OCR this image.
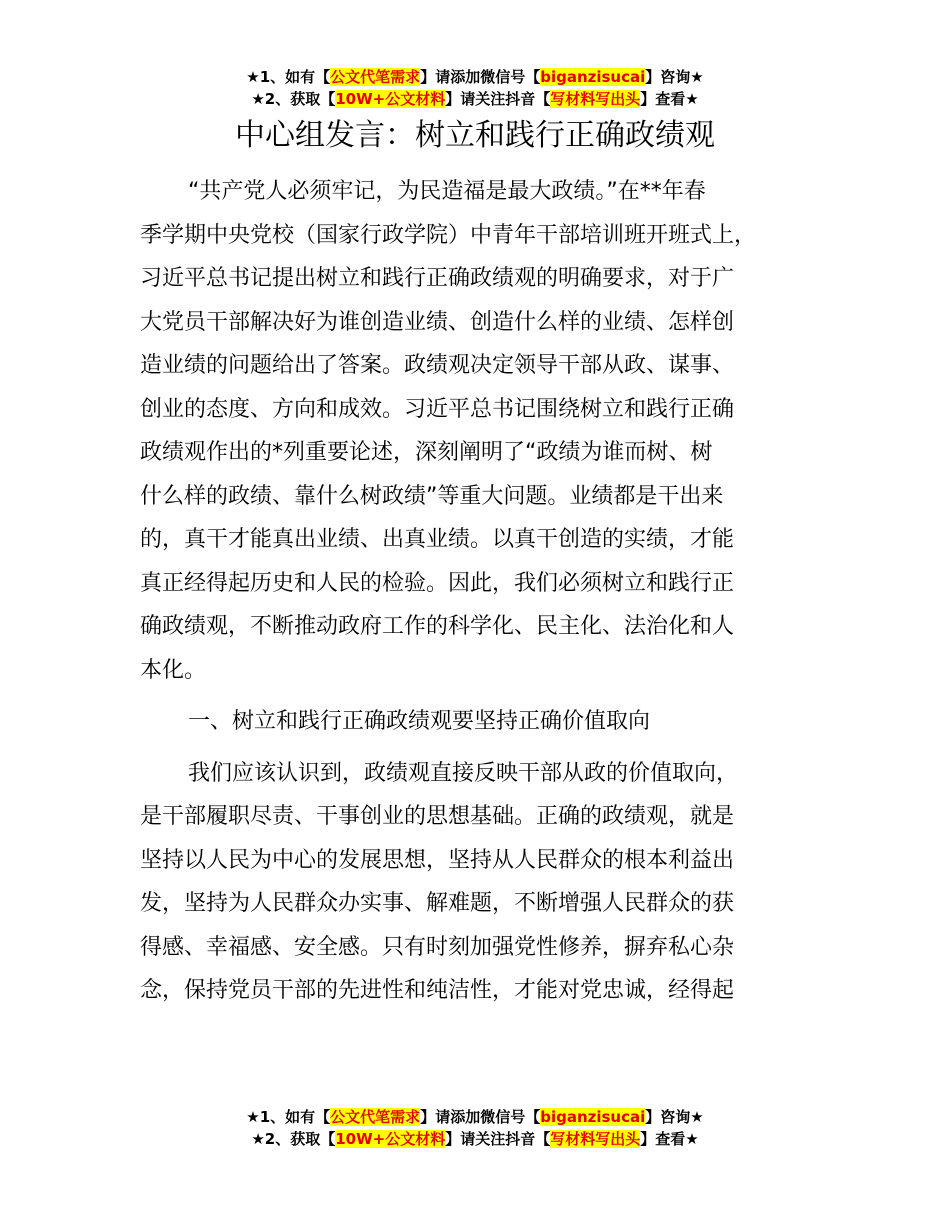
★1、如有【公文代笔需求】请添加微信号【biganzisucai】咨询★
★2、获取【10W+公文材料】请关注抖音【写材料写出头】查看★
中心组发言：树立和践行正确政绩观
“共产党人必须牢记，为民造福是最大政绩。”在**年春
季学期中央党校（国家行政学院）中青年干部培训班开班式上，
习近平总书记提出树立和践行正确政绩观的明确要求，对于广
大党员干部解决好为谁创造业绩、创造什么样的业绩、怎样创
造业绩的问题给出了答案。政绩观决定领导干部从政、谋事、
创业的态度、方向和成效。习近平总书记围绕树立和践行正确
政绩观作出的*列重要论述，深刻阐明了“政绩为谁而树、树
什么样的政绩、靠什么树政绩”等重大问题。业绩都是干出来
的，真干才能真出业绩、出真业绩。以真干创造的实绩，才能
真正经得起历史和人民的检验。因此，我们必须树立和践行正
确政绩观，不断推动政府工作的科学化、民主化、法治化和人
本化。
一、树立和践行正确政绩观要坚持正确价值取向
我们应该认识到，政绩观直接反映干部从政的价值取向，
是干部履职尽责、干事创业的思想基础。正确的政绩观，就是
坚持以人民为中心的发展思想，坚持从人民群众的根本利益出
发，坚持为人民群众办实事、解难题，不断增强人民群众的获
得感、幸福感、安全感。只有时刻加强党性修养，摒弃私心杂
念，保持党员干部的先进性和纯洁性，才能对党忠诚，经得起
★1、如有【公文代笔需求】请添加微信号【biganzisucai】咨询★
★2、获取【10W+公文材料】请关注抖音【写材料写出头】查看★
